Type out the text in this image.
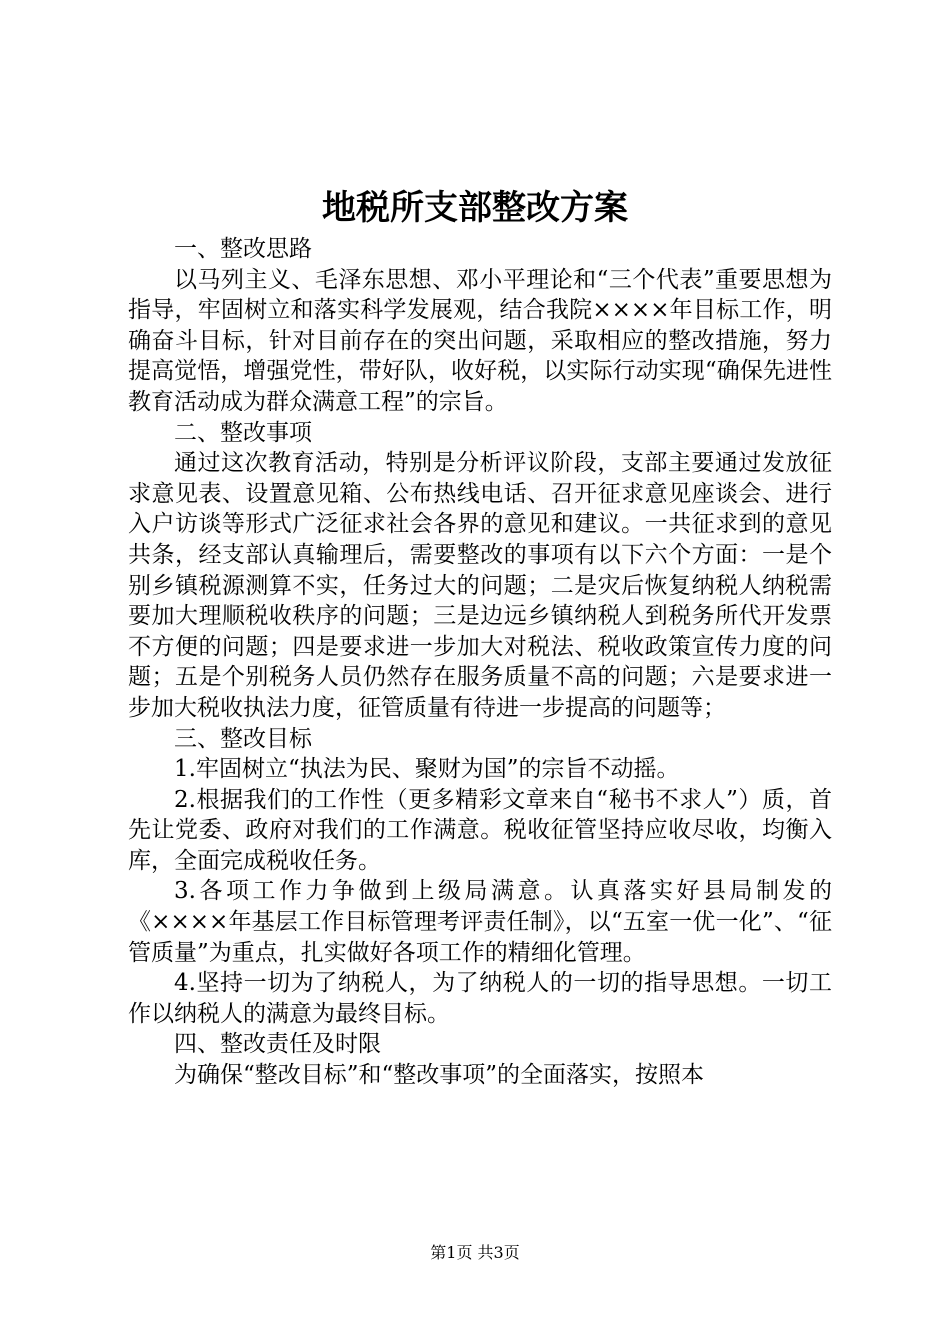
地税所支部整改方案

一、整改思路

以马列主义、毛泽东思想、邓小平理论和“三个代表”重要思想为指导，牢固树立和落实科学发展观，结合我院××××年目标工作，明确奋斗目标，针对目前存在的突出问题，采取相应的整改措施，努力提高觉悟，增强党性，带好队，收好税，以实际行动实现“确保先进性教育活动成为群众满意工程”的宗旨。

二、整改事项

通过这次教育活动，特别是分析评议阶段，支部主要通过发放征求意见表、设置意见箱、公布热线电话、召开征求意见座谈会、进行入户访谈等形式广泛征求社会各界的意见和建议。一共征求到的意见共条，经支部认真输理后，需要整改的事项有以下六个方面：一是个别乡镇税源测算不实，任务过大的问题；二是灾后恢复纳税人纳税需要加大理顺税收秩序的问题；三是边远乡镇纳税人到税务所代开发票不方便的问题；四是要求进一步加大对税法、税收政策宣传力度的问题；五是个别税务人员仍然存在服务质量不高的问题；六是要求进一步加大税收执法力度，征管质量有待进一步提高的问题等；

三、整改目标

1.牢固树立“执法为民、聚财为国”的宗旨不动摇。

2.根据我们的工作性（更多精彩文章来自“秘书不求人”）质，首先让党委、政府对我们的工作满意。税收征管坚持应收尽收，均衡入库，全面完成税收任务。

3.各项工作力争做到上级局满意。认真落实好县局制发的《××××年基层工作目标管理考评责任制》，以“五室一优一化”、“征管质量”为重点，扎实做好各项工作的精细化管理。

4.坚持一切为了纳税人，为了纳税人的一切的指导思想。一切工作以纳税人的满意为最终目标。

四、整改责任及时限

为确保“整改目标”和“整改事项”的全面落实，按照本

第1页 共3页
